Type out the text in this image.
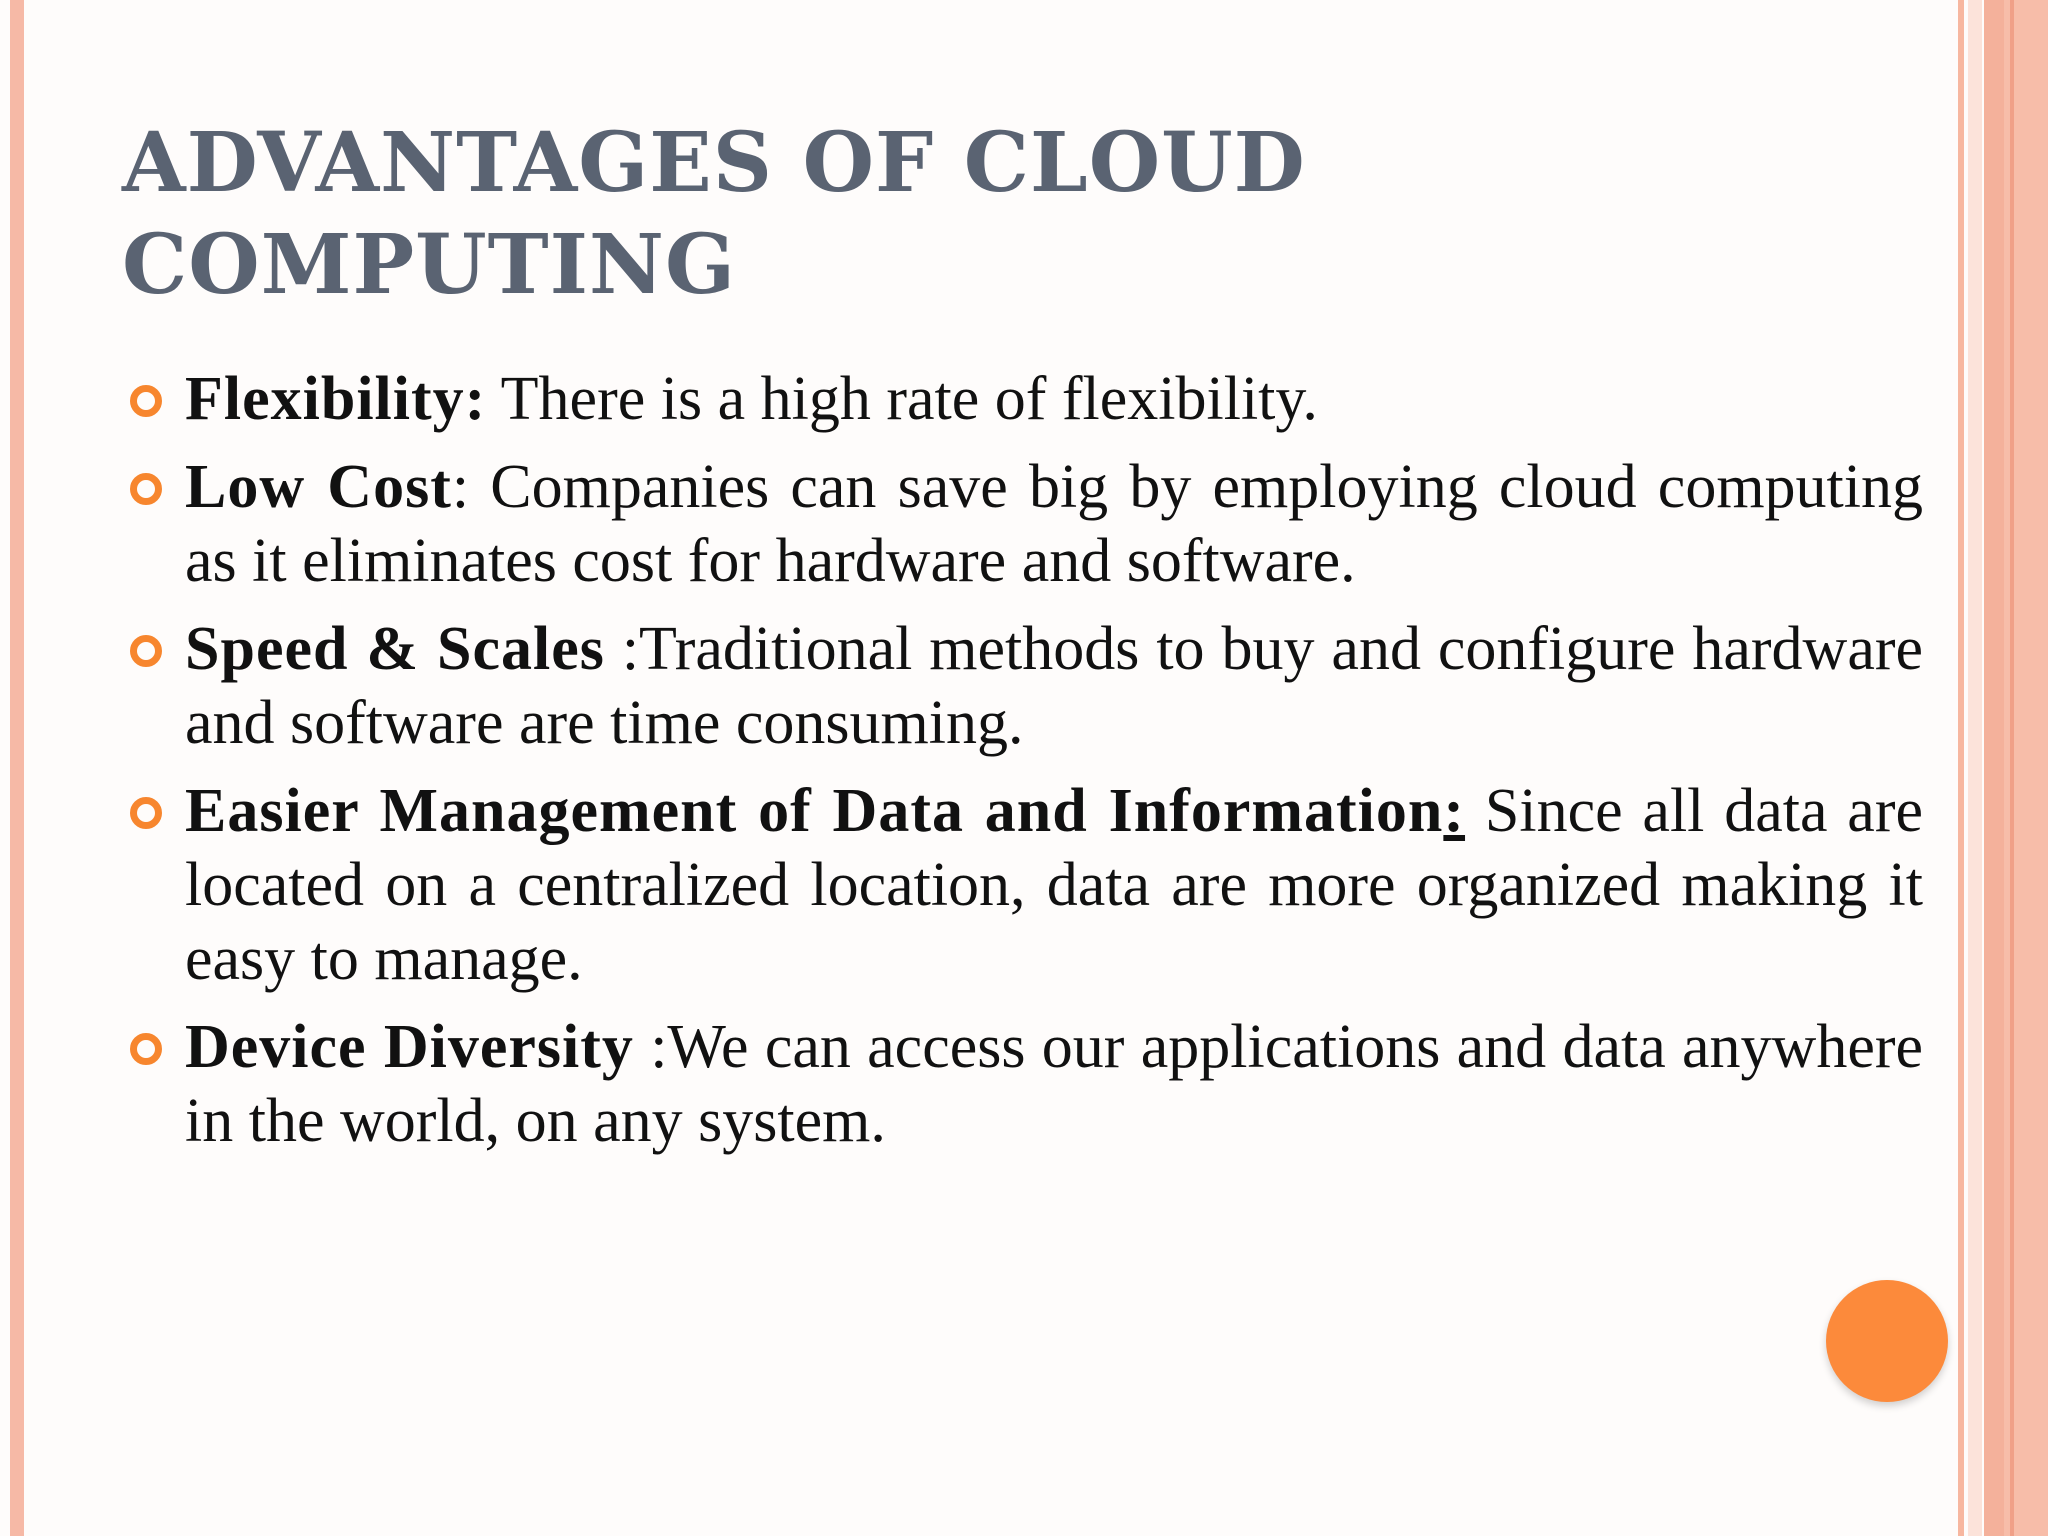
ADVANTAGES OF CLOUD
COMPUTING
Flexibility: There is a high rate of flexibility.
Low Cost: Companies can save big by employing cloud computing as it eliminates cost for hardware and software.
Speed & Scales :Traditional methods to buy and configure hardware and software are time consuming.
Easier Management of Data and Information: Since all data are located on a centralized location, data are more organized making it easy to manage.
Device Diversity :We can access our applications and data anywhere in the world, on any system.
